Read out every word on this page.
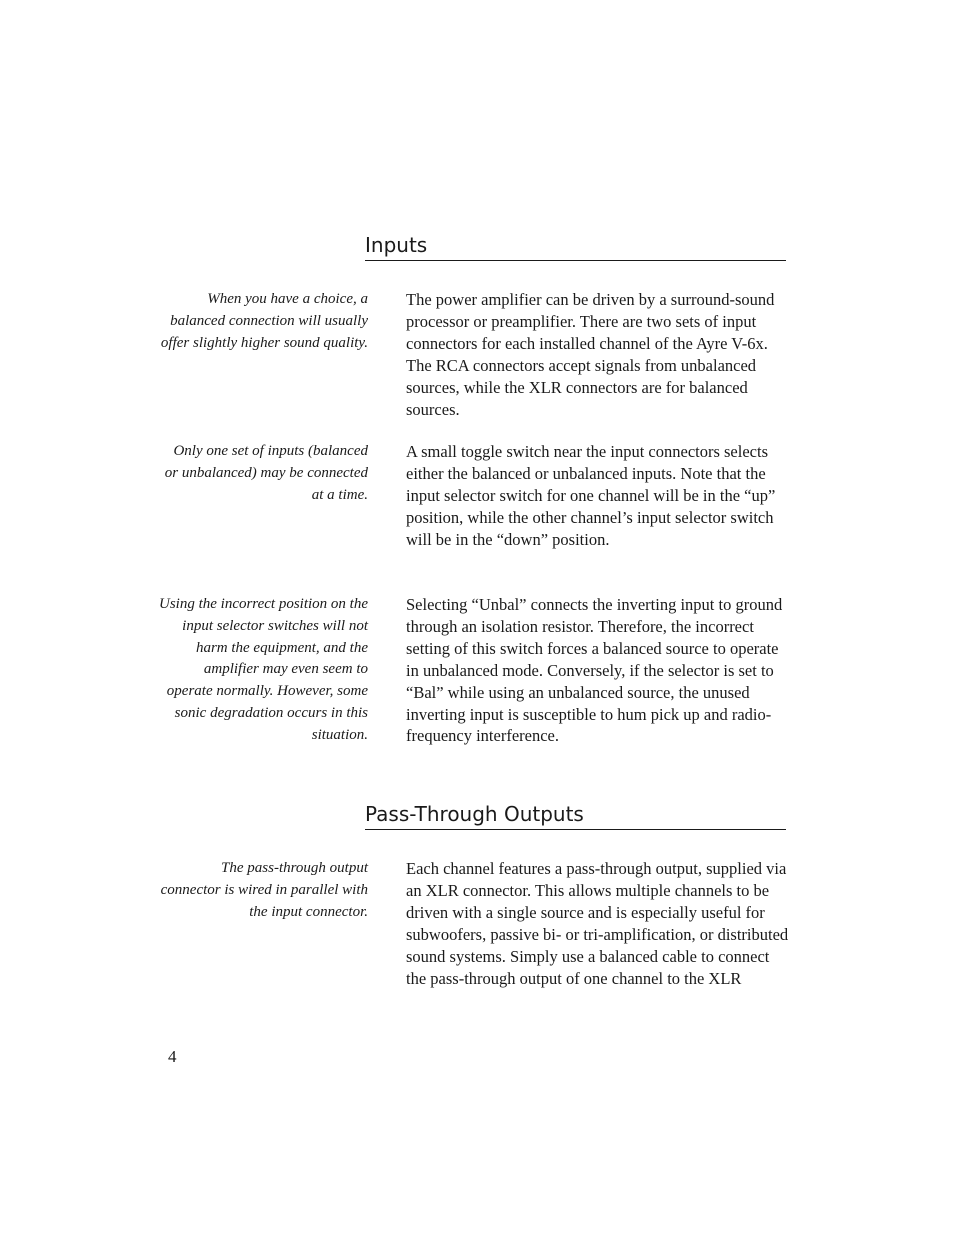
Inputs

When you have a choice, a balanced connection will usually offer slightly higher sound quality.

The power amplifier can be driven by a surround-sound processor or preamplifier. There are two sets of input connectors for each installed channel of the Ayre V-6x. The RCA connectors accept signals from unbalanced sources, while the XLR connectors are for balanced sources.

Only one set of inputs (balanced or unbalanced) may be connected at a time.

A small toggle switch near the input connectors selects either the balanced or unbalanced inputs. Note that the input selector switch for one channel will be in the “up” position, while the other channel’s input selector switch will be in the “down” position.

Using the incorrect position on the input selector switches will not harm the equipment, and the amplifier may even seem to operate normally. However, some sonic degradation occurs in this situation.

Selecting “Unbal” connects the inverting input to ground through an isolation resistor. Therefore, the incorrect setting of this switch forces a balanced source to operate in unbalanced mode. Conversely, if the selector is set to “Bal” while using an unbalanced source, the unused inverting input is susceptible to hum pick up and radio-frequency interference.

Pass-Through Outputs

The pass-through output connector is wired in parallel with the input connector.

Each channel features a pass-through output, supplied via an XLR connector. This allows multiple channels to be driven with a single source and is especially useful for subwoofers, passive bi- or tri-amplification, or distributed sound systems. Simply use a balanced cable to connect the pass-through output of one channel to the XLR

4
